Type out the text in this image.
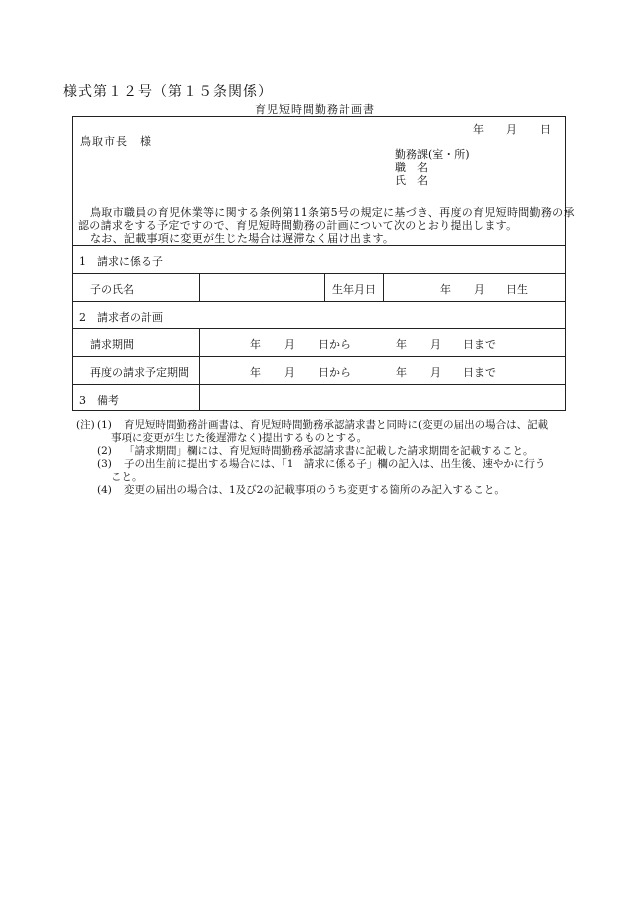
様式第１２号（第１５条関係）
育児短時間勤務計画書
年 月 日
鳥取市長　様
勤務課(室・所)
職　名
氏　名
鳥取市職員の育児休業等に関する条例第11条第5号の規定に基づき、再度の育児短時間勤務の承
認の請求をする予定ですので、育児短時間勤務の計画について次のとおり提出します。
なお、記載事項に変更が生じた場合は遅滞なく届け出ます。
1　請求に係る子
子の氏名	生年月日	年 月 日生
2　請求者の計画
請求期間	年 月 日から	年 月 日まで
再度の請求予定期間	年 月 日から	年 月 日まで
3　備考
(注) (1) 育児短時間勤務計画書は、育児短時間勤務承認請求書と同時に(変更の届出の場合は、記載
事項に変更が生じた後遅滞なく)提出するものとする。
(2) 「請求期間」欄には、育児短時間勤務承認請求書に記載した請求期間を記載すること。
(3) 子の出生前に提出する場合には、「1　請求に係る子」欄の記入は、出生後、速やかに行う
こと。
(4) 変更の届出の場合は、1及び2の記載事項のうち変更する箇所のみ記入すること。
